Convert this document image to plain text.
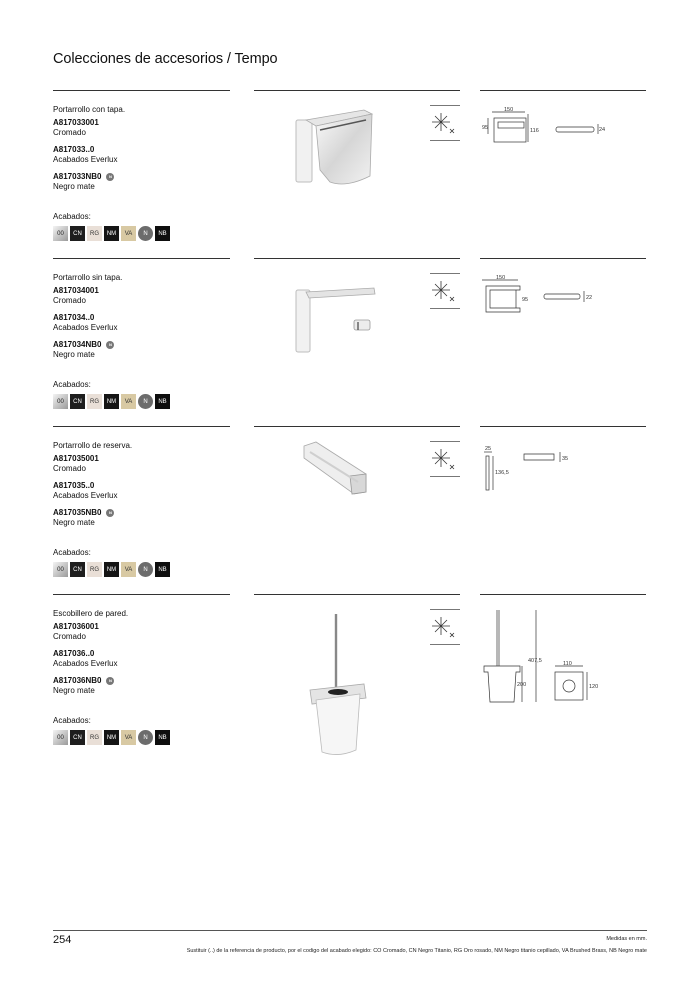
Colecciones de accesorios / Tempo
Portarrollo con tapa.
A817033001
Cromado
A817033..0
Acabados Everlux
A817033NB0 N
Negro mate
Acabados:
00	CN	RG	NM	VA	N	NB
150
95	116	24
Portarrollo sin tapa.
A817034001
Cromado
A817034..0
Acabados Everlux
A817034NB0 N
Negro mate
Acabados:
00	CN	RG	NM	VA	N	NB
150
95	22
Portarrollo de reserva.
A817035001
Cromado
A817035..0
Acabados Everlux
A817035NB0 N
Negro mate
Acabados:
00	CN	RG	NM	VA	N	NB
25
136,5
35
Escobillero de pared.
A817036001
Cromado
A817036..0
Acabados Everlux
A817036NB0 N
Negro mate
Acabados:
00	CN	RG	NM	VA	N	NB
407,5
200
110
120
254	Medidas en mm.
Sustituir (..) de la referencia de producto, por el codigo del acabado elegido: CO Cromado, CN Negro Titanio, RG Oro rosado, NM Negro titanio cepillado, VA Brushed Brass, NB Negro mate
